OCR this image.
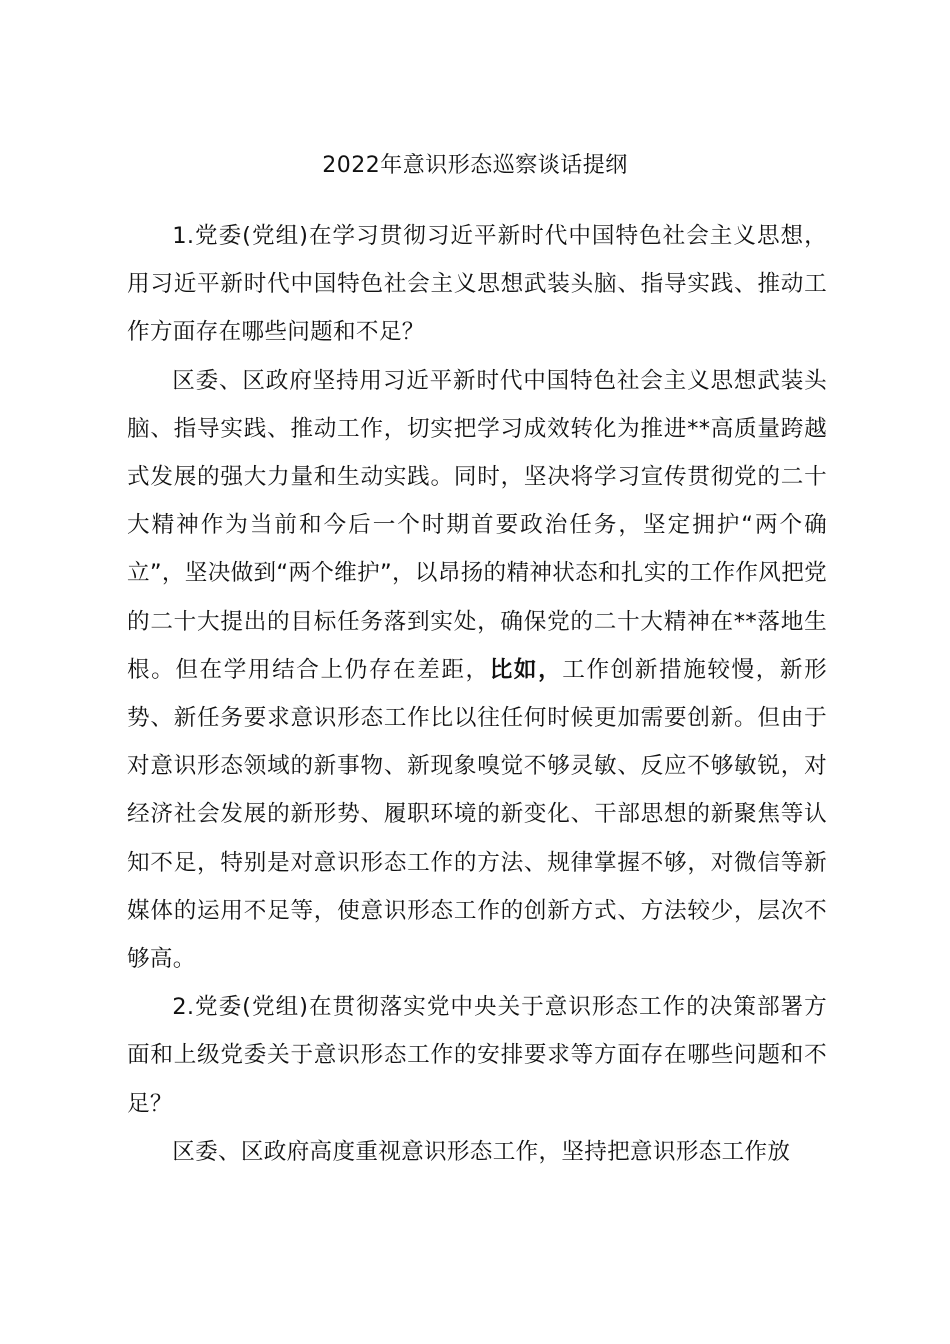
2022年意识形态巡察谈话提纲

1.党委(党组)在学习贯彻习近平新时代中国特色社会主义思想，用习近平新时代中国特色社会主义思想武装头脑、指导实践、推动工作方面存在哪些问题和不足？

区委、区政府坚持用习近平新时代中国特色社会主义思想武装头脑、指导实践、推动工作，切实把学习成效转化为推进**高质量跨越式发展的强大力量和生动实践。同时，坚决将学习宣传贯彻党的二十大精神作为当前和今后一个时期首要政治任务，坚定拥护“两个确立”，坚决做到“两个维护”，以昂扬的精神状态和扎实的工作作风把党的二十大提出的目标任务落到实处，确保党的二十大精神在**落地生根。但在学用结合上仍存在差距，比如，工作创新措施较慢，新形势、新任务要求意识形态工作比以往任何时候更加需要创新。但由于对意识形态领域的新事物、新现象嗅觉不够灵敏、反应不够敏锐，对经济社会发展的新形势、履职环境的新变化、干部思想的新聚焦等认知不足，特别是对意识形态工作的方法、规律掌握不够，对微信等新媒体的运用不足等，使意识形态工作的创新方式、方法较少，层次不够高。

2.党委(党组)在贯彻落实党中央关于意识形态工作的决策部署方面和上级党委关于意识形态工作的安排要求等方面存在哪些问题和不足？

区委、区政府高度重视意识形态工作，坚持把意识形态工作放
